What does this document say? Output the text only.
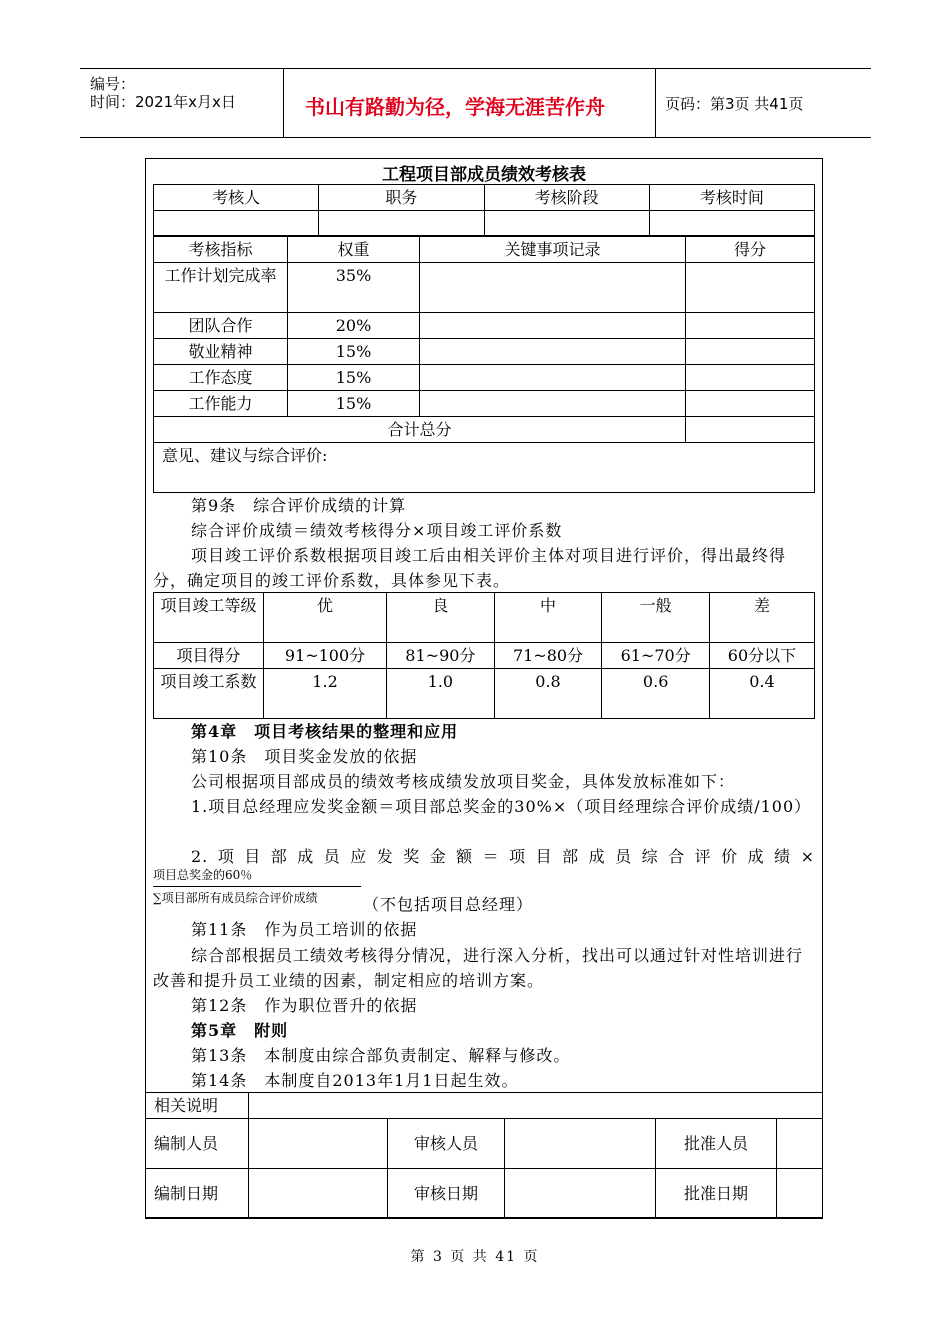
编号：
时间：2021年x月x日	书山有路勤为径，学海无涯苦作舟	页码：第3页 共41页
工程项目部成员绩效考核表
考核人	职务	考核阶段	考核时间

考核指标	权重	关键事项记录	得分
工作计划完成率	35%		
团队合作	20%		
敬业精神	15%		
工作态度	15%		
工作能力	15%		
合计总分			
意见、建议与综合评价:			
第9条　综合评价成绩的计算
综合评价成绩＝绩效考核得分×项目竣工评价系数
项目竣工评价系数根据项目竣工后由相关评价主体对项目进行评价，得出最终得分，确定项目的竣工评价系数，具体参见下表。
项目竣工等级	优	良	中	一般	差
项目得分	91~100分	81~90分	71~80分	61~70分	60分以下
项目竣工系数	1.2	1.0	0.8	0.6	0.4
第4章　项目考核结果的整理和应用
第10条　项目奖金发放的依据
公司根据项目部成员的绩效考核成绩发放项目奖金，具体发放标准如下：
1.项目总经理应发奖金额＝项目部总奖金的30%×（项目经理综合评价成绩/100）
2.项目部成员应发奖金额＝项目部成员综合评价成绩×
项目总奖金的60％
∑项目部所有成员综合评价成绩	（不包括项目总经理）
第11条　作为员工培训的依据
综合部根据员工绩效考核得分情况，进行深入分析，找出可以通过针对性培训进行改善和提升员工业绩的因素，制定相应的培训方案。
第12条　作为职位晋升的依据
第5章　附则
第13条　本制度由综合部负责制定、解释与修改。
第14条　本制度自2013年1月1日起生效。
相关说明					
编制人员		审核人员		批准人员	
编制日期		审核日期		批准日期	
第 3 页 共 41 页
